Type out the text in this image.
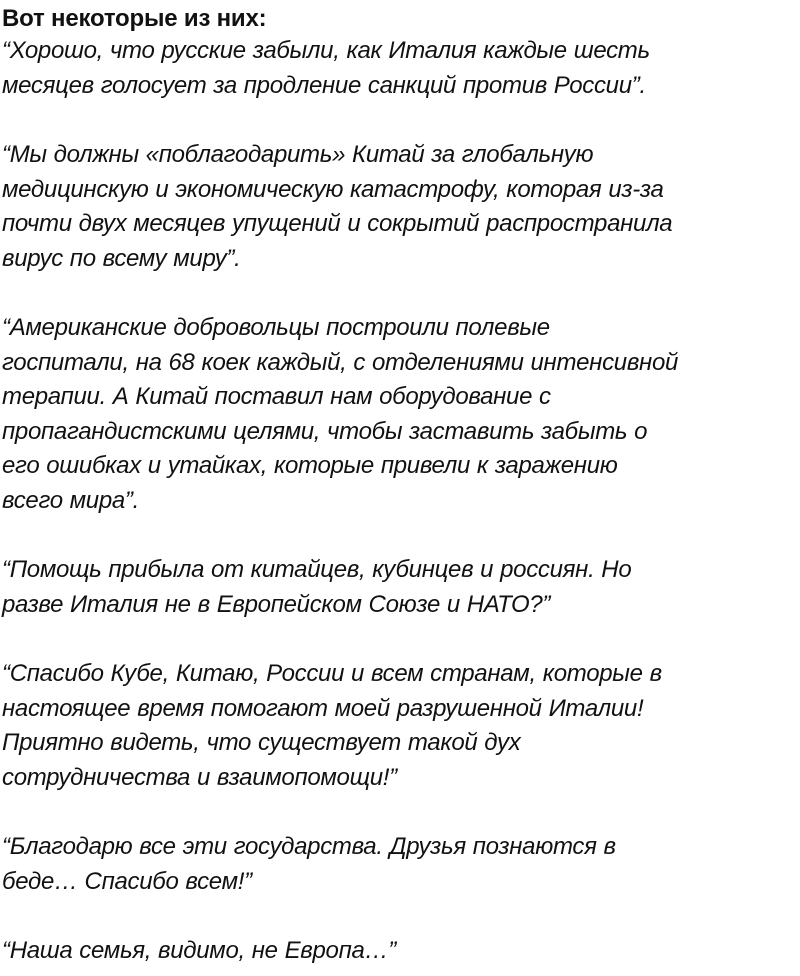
Вот некоторые из них:

“Хорошо, что русские забыли, как Италия каждые шесть
месяцев голосует за продление санкций против России”.

“Мы должны «поблагодарить» Китай за глобальную
медицинскую и экономическую катастрофу, которая из-за
почти двух месяцев упущений и сокрытий распространила
вирус по всему миру”.

“Американские добровольцы построили полевые
госпитали, на 68 коек каждый, с отделениями интенсивной
терапии. А Китай поставил нам оборудование с
пропагандистскими целями, чтобы заставить забыть о
его ошибках и утайках, которые привели к заражению
всего мира”.

“Помощь прибыла от китайцев, кубинцев и россиян. Но
разве Италия не в Европейском Союзе и НАТО?”

“Спасибо Кубе, Китаю, России и всем странам, которые в
настоящее время помогают моей разрушенной Италии!
Приятно видеть, что существует такой дух
сотрудничества и взаимопомощи!”

“Благодарю все эти государства. Друзья познаются в
беде… Спасибо всем!”

“Наша семья, видимо, не Европа…”
